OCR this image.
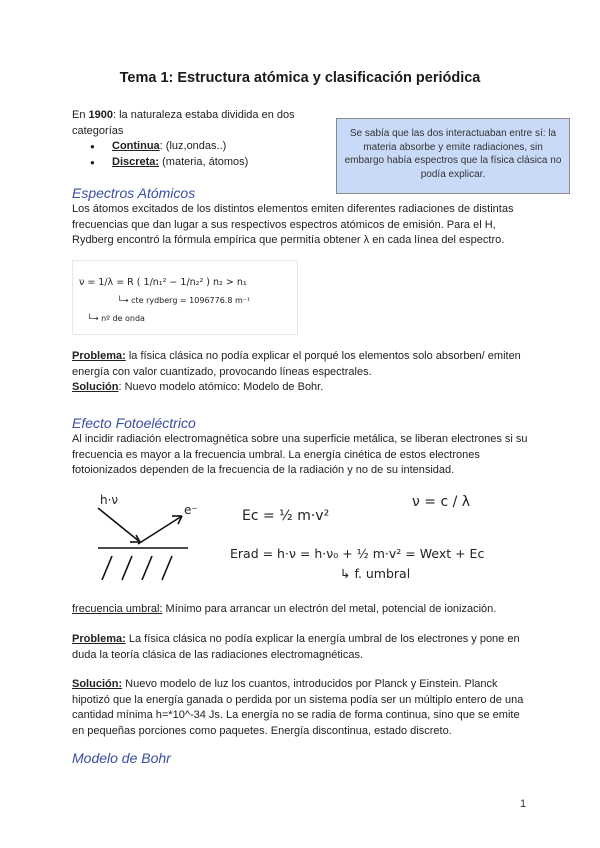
Tema 1: Estructura atómica y clasificación periódica
En 1900: la naturaleza estaba dividida en dos categorías
● Continua: (luz,ondas..)
● Discreta: (materia, átomos)
Se sabía que las dos interactuaban entre sí: la materia absorbe y emite radiaciones, sin embargo había espectros que la física clásica no podía explicar.
Espectros Atómicos
Los átomos excitados de los distintos elementos emiten diferentes radiaciones de distintas frecuencias que dan lugar a sus respectivos espectros atómicos de emisión. Para el H, Rydberg encontró la fórmula empírica que permitía obtener λ en cada línea del espectro.
ν = 1/λ = R ( 1/n₁² − 1/n₂² ) n₂ > n₁
└→ cte rydberg = 1096776.8 m⁻¹
└→ nº de onda
Problema: la física clásica no podía explicar el porqué los elementos solo absorben/ emiten energía con valor cuantizado, provocando líneas espectrales.
Solución: Nuevo modelo atómico: Modelo de Bohr.
Efecto Fotoeléctrico
Al incidir radiación electromagnética sobre una superficie metálica, se liberan electrones si su frecuencia es mayor a la frecuencia umbral. La energía cinética de estos electrones fotoionizados dependen de la frecuencia de la radiación y no de su intensidad.
h·ν
e⁻	Ec = ½ m·v²
ν = c / λ
Erad = h·ν = h·ν₀ + ½ m·v² = Wext + Ec
↳ f. umbral
frecuencia umbral: Mínimo para arrancar un electrón del metal, potencial de ionización.
Problema: La física clásica no podía explicar la energía umbral de los electrones y pone en duda la teoría clásica de las radiaciones electromagnéticas.
Solución: Nuevo modelo de luz los cuantos, introducidos por Planck y Einstein. Planck hipotizó que la energía ganada o perdida por un sistema podía ser un múltiplo entero de una cantidad mínima h=*10^-34 Js. La energía no se radia de forma continua, sino que se emite en pequeñas porciones como paquetes. Energía discontinua, estado discreto.
Modelo de Bohr
1
